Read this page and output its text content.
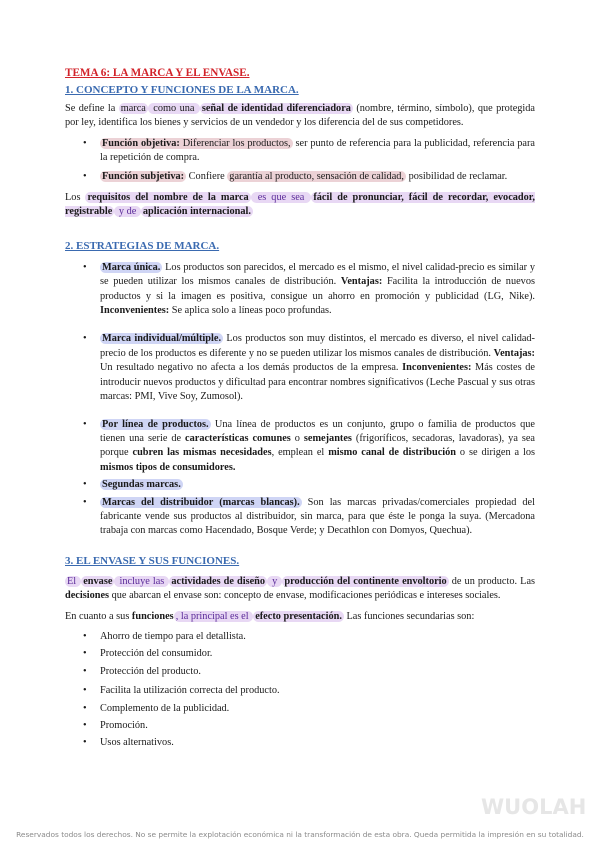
TEMA 6: LA MARCA Y EL ENVASE.
1. CONCEPTO Y FUNCIONES DE LA MARCA.

Se define la marca como una señal de identidad diferenciadora (nombre, término, símbolo), que protegida por ley, identifica los bienes y servicios de un vendedor y los diferencia del de sus competidores.

• Función objetiva: Diferenciar los productos, ser punto de referencia para la publicidad, referencia para la repetición de compra.
• Función subjetiva: Confiere garantía al producto, sensación de calidad, posibilidad de reclamar.

Los requisitos del nombre de la marca es que sea fácil de pronunciar, fácil de recordar, evocador, registrable y de aplicación internacional.

2. ESTRATEGIAS DE MARCA.
• Marca única. Los productos son parecidos, el mercado es el mismo, el nivel calidad-precio es similar y se pueden utilizar los mismos canales de distribución. Ventajas: Facilita la introducción de nuevos productos y si la imagen es positiva, consigue un ahorro en promoción y publicidad (LG, Nike). Inconvenientes: Se aplica solo a líneas poco profundas.
• Marca individual/múltiple. Los productos son muy distintos, el mercado es diverso, el nivel calidad- precio de los productos es diferente y no se pueden utilizar los mismos canales de distribución. Ventajas: Un resultado negativo no afecta a los demás productos de la empresa. Inconvenientes: Más costes de introducir nuevos productos y dificultad para encontrar nombres significativos (Leche Pascual y sus otras marcas: PMI, Vive Soy, Zumosol).
• Por línea de productos. Una línea de productos es un conjunto, grupo o familia de productos que tienen una serie de características comunes o semejantes (frigoríficos, secadoras, lavadoras), ya sea porque cubren las mismas necesidades, emplean el mismo canal de distribución o se dirigen a los mismos tipos de consumidores.
• Segundas marcas.
• Marcas del distribuidor (marcas blancas). Son las marcas privadas/comerciales propiedad del fabricante vende sus productos al distribuidor, sin marca, para que éste le ponga la suya. (Mercadona trabaja con marcas como Hacendado, Bosque Verde; y Decathlon con Domyos, Quechua).
3. EL ENVASE Y SUS FUNCIONES.

El envase incluye las actividades de diseño y producción del continente envoltorio de un producto. Las decisiones que abarcan el envase son: concepto de envase, modificaciones periódicas e intereses sociales.

En cuanto a sus funciones , la principal es el efecto presentación. Las funciones secundarias son:

• Ahorro de tiempo para el detallista.
• Protección del consumidor.
• Protección del producto.
• Facilita la utilización correcta del producto.
• Complemento de la publicidad.
• Promoción.
• Usos alternativos.
WUOLAH
Reservados todos los derechos. No se permite la explotación económica ni la transformación de esta obra. Queda permitida la impresión en su totalidad.
